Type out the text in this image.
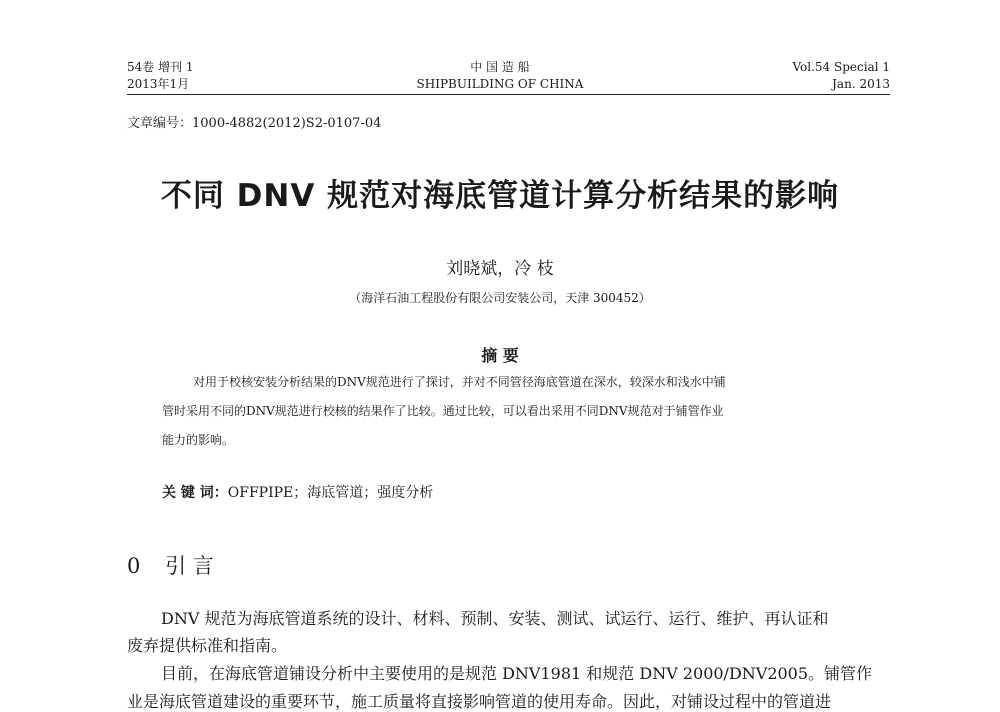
54卷 增刊 1
2013年1月
中 国 造 船
SHIPBUILDING OF CHINA
Vol.54 Special 1
Jan. 2013
文章编号：1000-4882(2012)S2-0107-04
不同 DNV 规范对海底管道计算分析结果的影响
刘晓斌，冷 枝
（海洋石油工程股份有限公司安装公司，天津 300452）
摘 要
对用于校核安装分析结果的DNV规范进行了探讨，并对不同管径海底管道在深水，较深水和浅水中铺
管时采用不同的DNV规范进行校核的结果作了比较。通过比较，可以看出采用不同DNV规范对于铺管作业
能力的影响。
关 键 词：OFFPIPE；海底管道；强度分析
0 引 言
DNV 规范为海底管道系统的设计、材料、预制、安装、测试、试运行、运行、维护、再认证和
废弃提供标准和指南。
目前，在海底管道铺设分析中主要使用的是规范 DNV1981 和规范 DNV 2000/DNV2005。铺管作
业是海底管道建设的重要环节，施工质量将直接影响管道的使用寿命。因此，对铺设过程中的管道进
